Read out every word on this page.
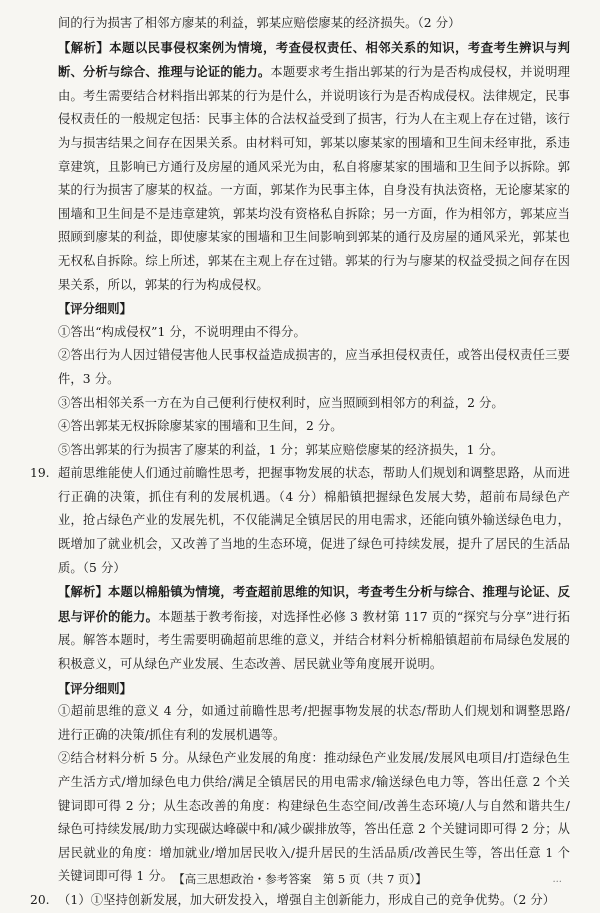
间的行为损害了相邻方廖某的利益，郭某应赔偿廖某的经济损失。（2 分）

【解析】本题以民事侵权案例为情境，考查侵权责任、相邻关系的知识，考查考生辨识与判断、分析与综合、推理与论证的能力。本题要求考生指出郭某的行为是否构成侵权，并说明理由。考生需要结合材料指出郭某的行为是什么，并说明该行为是否构成侵权。法律规定，民事侵权责任的一般规定包括：民事主体的合法权益受到了损害，行为人在主观上存在过错，该行为与损害结果之间存在因果关系。由材料可知，郭某以廖某家的围墙和卫生间未经审批，系违章建筑，且影响已方通行及房屋的通风采光为由，私自将廖某家的围墙和卫生间予以拆除。郭某的行为损害了廖某的权益。一方面，郭某作为民事主体，自身没有执法资格，无论廖某家的围墙和卫生间是不是违章建筑，郭某均没有资格私自拆除；另一方面，作为相邻方，郭某应当照顾到廖某的利益，即使廖某家的围墙和卫生间影响到郭某的通行及房屋的通风采光，郭某也无权私自拆除。综上所述，郭某在主观上存在过错。郭某的行为与廖某的权益受损之间存在因果关系，所以，郭某的行为构成侵权。

【评分细则】

①答出“构成侵权”1 分，不说明理由不得分。

②答出行为人因过错侵害他人民事权益造成损害的，应当承担侵权责任，或答出侵权责任三要件，3 分。

③答出相邻关系一方在为自己便利行使权利时，应当照顾到相邻方的利益，2 分。

④答出郭某无权拆除廖某家的围墙和卫生间，2 分。

⑤答出郭某的行为损害了廖某的利益，1 分；郭某应赔偿廖某的经济损失，1 分。

19. 超前思维能使人们通过前瞻性思考，把握事物发展的状态，帮助人们规划和调整思路，从而进行正确的决策，抓住有利的发展机遇。（4 分）棉船镇把握绿色发展大势，超前布局绿色产业，抢占绿色产业的发展先机，不仅能满足全镇居民的用电需求，还能向镇外输送绿色电力，既增加了就业机会，又改善了当地的生态环境，促进了绿色可持续发展，提升了居民的生活品质。（5 分）

【解析】本题以棉船镇为情境，考查超前思维的知识，考查考生分析与综合、推理与论证、反思与评价的能力。本题基于教考衔接，对选择性必修 3 教材第 117 页的“探究与分享”进行拓展。解答本题时，考生需要明确超前思维的意义，并结合材料分析棉船镇超前布局绿色发展的积极意义，可从绿色产业发展、生态改善、居民就业等角度展开说明。

【评分细则】

①超前思维的意义 4 分，如通过前瞻性思考/把握事物发展的状态/帮助人们规划和调整思路/进行正确的决策/抓住有利的发展机遇等。

②结合材料分析 5 分。从绿色产业发展的角度：推动绿色产业发展/发展风电项目/打造绿色生产生活方式/增加绿色电力供给/满足全镇居民的用电需求/输送绿色电力等，答出任意 2 个关键词即可得 2 分；从生态改善的角度：构建绿色生态空间/改善生态环境/人与自然和谐共生/绿色可持续发展/助力实现碳达峰碳中和/减少碳排放等，答出任意 2 个关键词即可得 2 分；从居民就业的角度：增加就业/增加居民收入/提升居民的生活品质/改善民生等，答出任意 1 个关键词即可得 1 分。

20. （1）①坚持创新发展，加大研发投入，增强自主创新能力，形成自己的竞争优势。（2 分）

【高三思想政治・参考答案　第 5 页（共 7 页）】	...
